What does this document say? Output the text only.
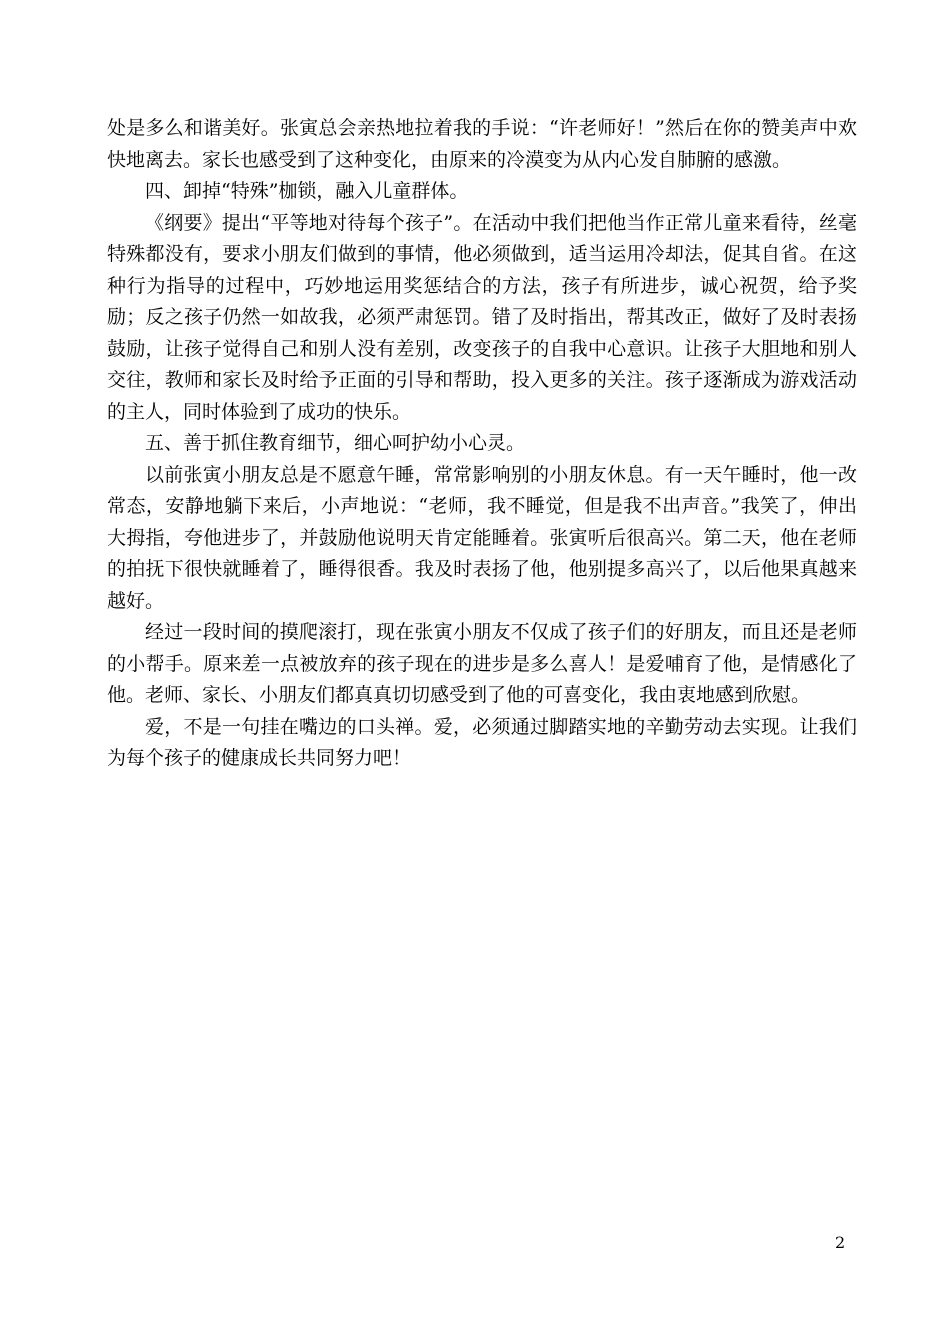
处是多么和谐美好。张寅总会亲热地拉着我的手说：“许老师好！”然后在你的赞美声中欢快地离去。家长也感受到了这种变化，由原来的冷漠变为从内心发自肺腑的感激。

四、卸掉“特殊”枷锁，融入儿童群体。

《纲要》提出“平等地对待每个孩子”。在活动中我们把他当作正常儿童来看待，丝毫特殊都没有，要求小朋友们做到的事情，他必须做到，适当运用冷却法，促其自省。在这种行为指导的过程中，巧妙地运用奖惩结合的方法，孩子有所进步，诚心祝贺，给予奖励；反之孩子仍然一如故我，必须严肃惩罚。错了及时指出，帮其改正，做好了及时表扬鼓励，让孩子觉得自己和别人没有差别，改变孩子的自我中心意识。让孩子大胆地和别人交往，教师和家长及时给予正面的引导和帮助，投入更多的关注。孩子逐渐成为游戏活动的主人，同时体验到了成功的快乐。

五、善于抓住教育细节，细心呵护幼小心灵。

以前张寅小朋友总是不愿意午睡，常常影响别的小朋友休息。有一天午睡时，他一改常态，安静地躺下来后，小声地说：“老师，我不睡觉，但是我不出声音。”我笑了，伸出大拇指，夸他进步了，并鼓励他说明天肯定能睡着。张寅听后很高兴。第二天，他在老师的拍抚下很快就睡着了，睡得很香。我及时表扬了他，他别提多高兴了，以后他果真越来越好。

经过一段时间的摸爬滚打，现在张寅小朋友不仅成了孩子们的好朋友，而且还是老师的小帮手。原来差一点被放弃的孩子现在的进步是多么喜人！是爱哺育了他，是情感化了他。老师、家长、小朋友们都真真切切感受到了他的可喜变化，我由衷地感到欣慰。

爱，不是一句挂在嘴边的口头禅。爱，必须通过脚踏实地的辛勤劳动去实现。让我们为每个孩子的健康成长共同努力吧！

2
